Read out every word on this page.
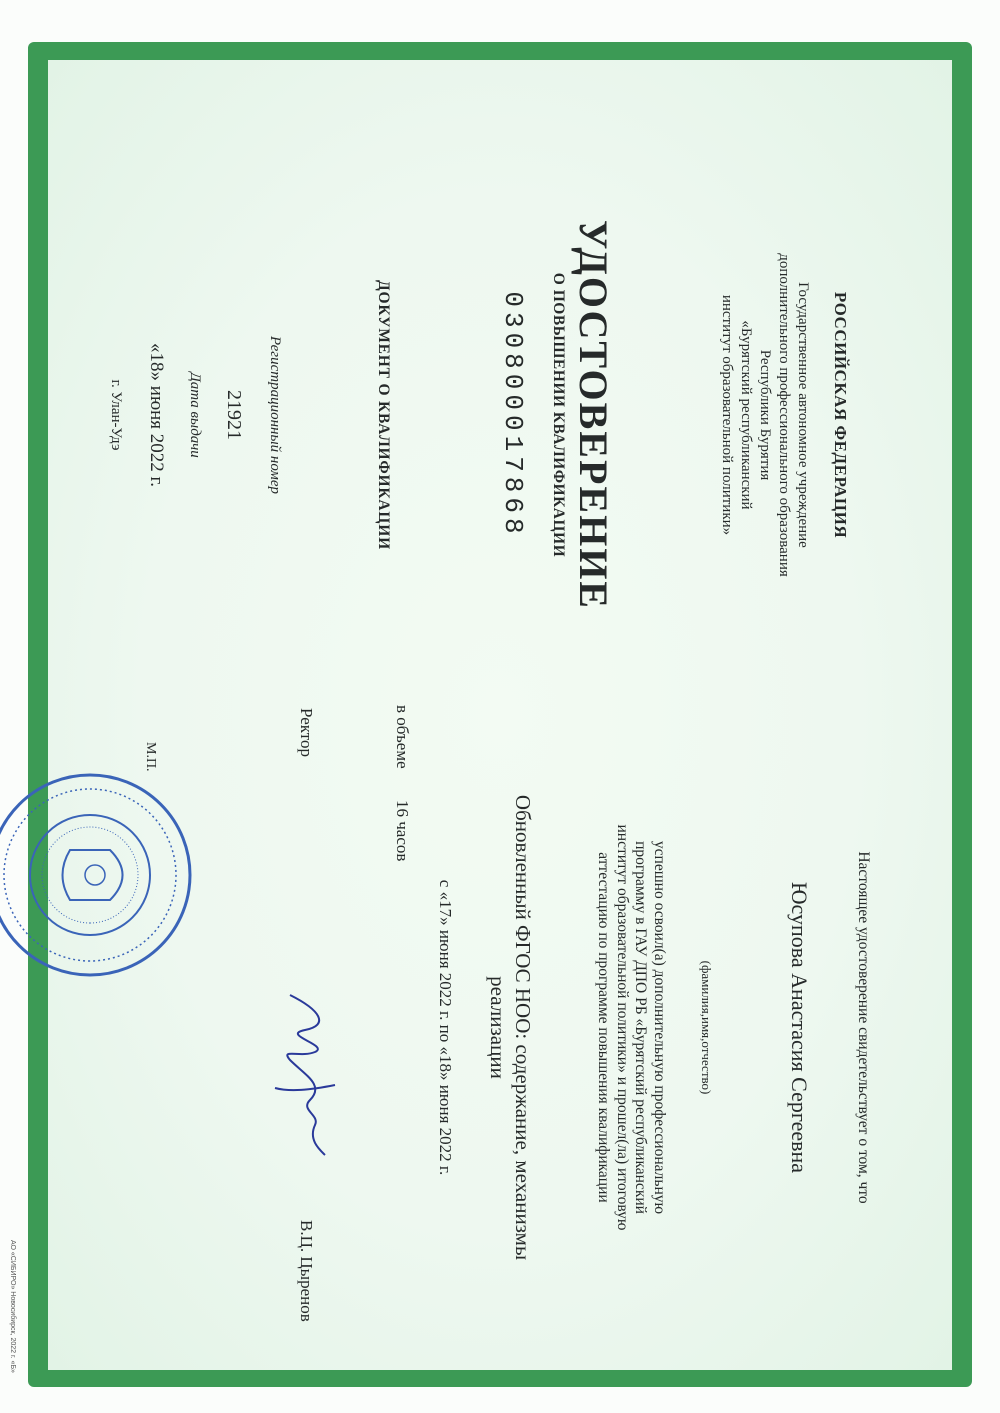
РОССИЙСКАЯ ФЕДЕРАЦИЯ
Государственное автономное учреждение
дополнительного профессионального образования
Республики Бурятия
«Бурятский республиканский
институт образовательной политики»
УДОСТОВЕРЕНИЕ
О ПОВЫШЕНИИ КВАЛИФИКАЦИИ
030800017868
ДОКУМЕНТ О КВАЛИФИКАЦИИ
Регистрационный номер
21921
Дата выдачи
«18» июня 2022 г.
г. Улан-Удэ
Настоящее удостоверение свидетельствует о том, что
Юсупова Анастасия Сергеевна
(фамилия,имя,отчество)
успешно освоил(а) дополнительную профессиональную
программу в ГАУ ДПО РБ «Бурятский республиканский
институт образовательной политики» и прошел(ла) итоговую
аттестацию по программе повышения квалификации
Обновленный ФГОС НОО: содержание, механизмы
реализации
с «17» июня 2022 г. по «18» июня 2022 г.
в объеме
16 часов
Ректор
В.Ц. Цыренов
М.П.
АО «СИБИРО» Новосибирск, 2022 г. «Б»
